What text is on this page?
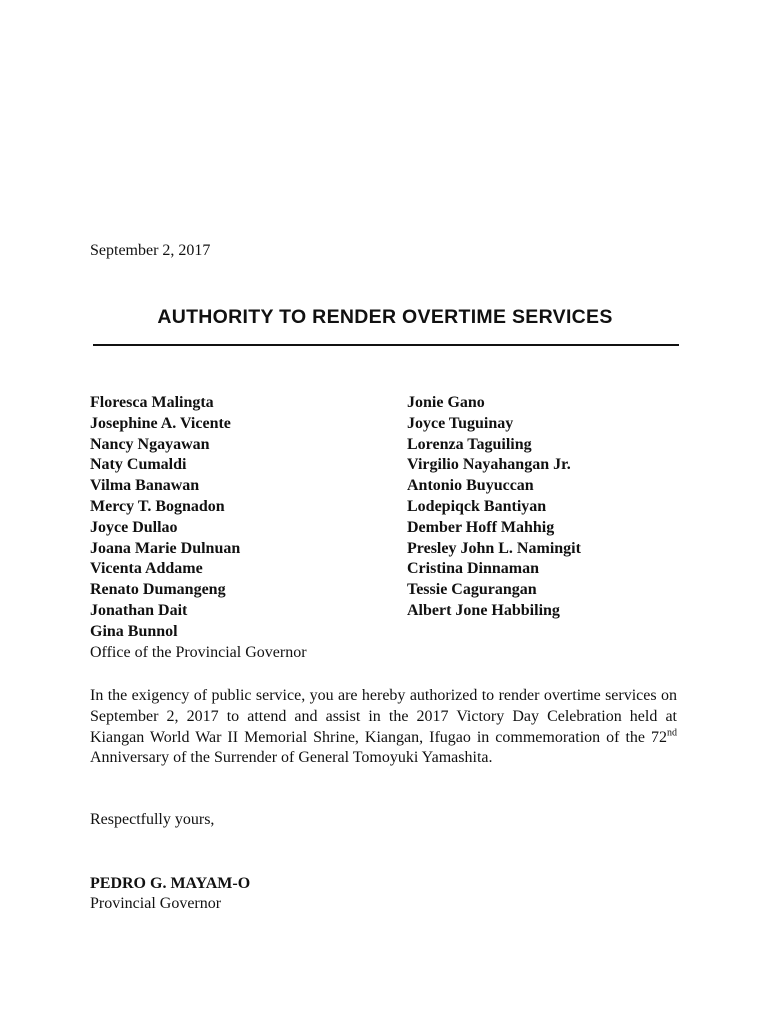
September 2, 2017
AUTHORITY TO RENDER OVERTIME SERVICES
Floresca Malingta
Josephine A. Vicente
Nancy Ngayawan
Naty Cumaldi
Vilma Banawan
Mercy T. Bognadon
Joyce Dullao
Joana Marie Dulnuan
Vicenta Addame
Renato Dumangeng
Jonathan Dait
Gina Bunnol
Jonie Gano
Joyce Tuguinay
Lorenza Taguiling
Virgilio Nayahangan Jr.
Antonio Buyuccan
Lodepiqck Bantiyan
Dember Hoff Mahhig
Presley John L. Namingit
Cristina Dinnaman
Tessie Cagurangan
Albert Jone Habbiling
Office of the Provincial Governor
In the exigency of public service, you are hereby authorized to render overtime services on September 2, 2017 to attend and assist in the 2017 Victory Day Celebration held at Kiangan World War II Memorial Shrine, Kiangan, Ifugao in commemoration of the 72nd Anniversary of the Surrender of General Tomoyuki Yamashita.
Respectfully yours,
PEDRO G. MAYAM-O
Provincial Governor
